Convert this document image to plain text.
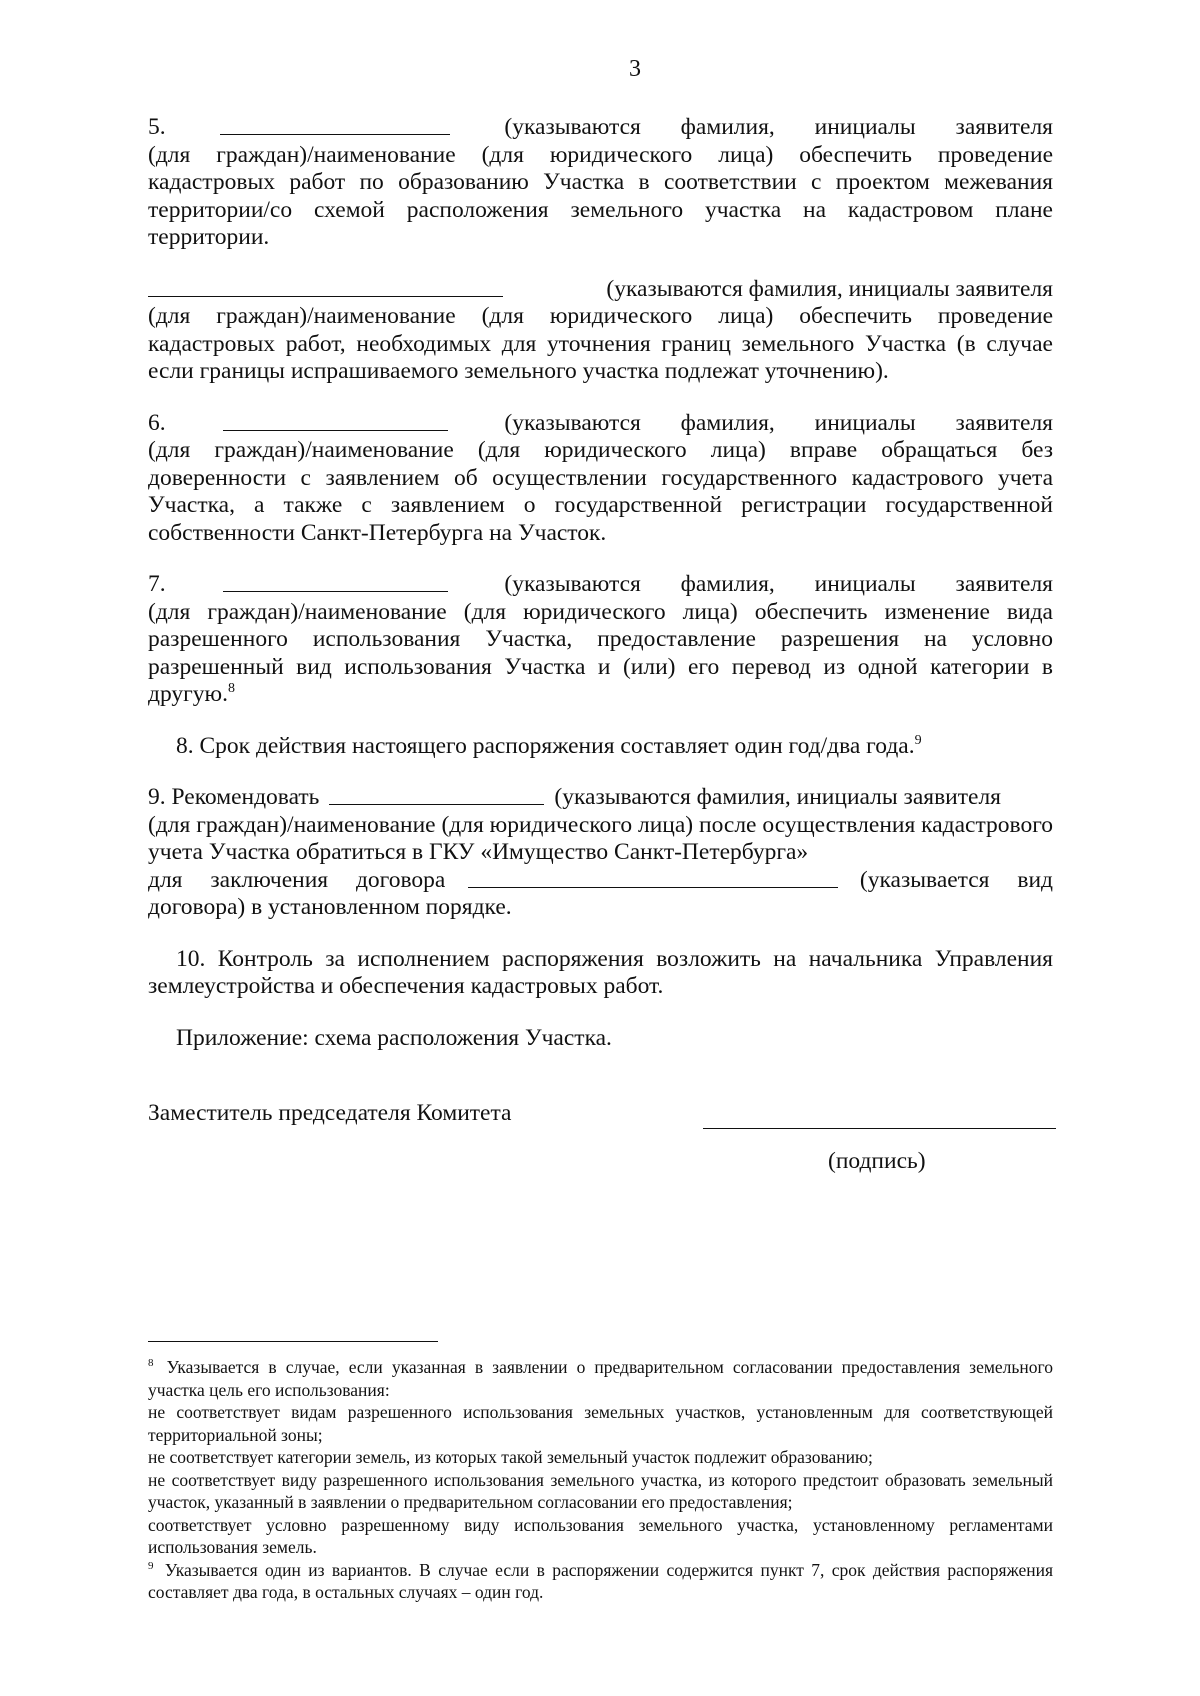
3
5.	(указываются фамилия, инициалы заявителя
(для граждан)/наименование (для юридического лица) обеспечить проведение кадастровых работ по образованию Участка в соответствии с проектом межевания территории/со схемой расположения земельного участка на кадастровом плане территории.
(указываются фамилия, инициалы заявителя
(для граждан)/наименование (для юридического лица) обеспечить проведение кадастровых работ, необходимых для уточнения границ земельного Участка (в случае если границы испрашиваемого земельного участка подлежат уточнению).
6.	(указываются фамилия, инициалы заявителя
(для граждан)/наименование (для юридического лица) вправе обращаться без доверенности с заявлением об осуществлении государственного кадастрового учета Участка, а также с заявлением о государственной регистрации государственной собственности Санкт-Петербурга на Участок.
7.	(указываются фамилия, инициалы заявителя
(для граждан)/наименование (для юридического лица) обеспечить изменение вида разрешенного использования Участка, предоставление разрешения на условно разрешенный вид использования Участка и (или) его перевод из одной категории в другую.$^8$
8. Срок действия настоящего распоряжения составляет один год/два года.$^9$
9. Рекомендовать	(указываются фамилия, инициалы заявителя
(для граждан)/наименование (для юридического лица) после осуществления кадастрового учета Участка обратиться в ГКУ «Имущество Санкт-Петербурга»
для заключения договора	(указывается вид
договора) в установленном порядке.
10. Контроль за исполнением распоряжения возложить на начальника Управления землеустройства и обеспечения кадастровых работ.
Приложение: схема расположения Участка.
Заместитель председателя Комитета
(подпись)
$^8$ Указывается в случае, если указанная в заявлении о предварительном согласовании предоставления земельного участка цель его использования:
не соответствует видам разрешенного использования земельных участков, установленным для соответствующей территориальной зоны;
не соответствует категории земель, из которых такой земельный участок подлежит образованию;
не соответствует виду разрешенного использования земельного участка, из которого предстоит образовать земельный участок, указанный в заявлении о предварительном согласовании его предоставления;
соответствует условно разрешенному виду использования земельного участка, установленному регламентами использования земель.
$^9$ Указывается один из вариантов. В случае если в распоряжении содержится пункт 7, срок действия распоряжения составляет два года, в остальных случаях – один год.
